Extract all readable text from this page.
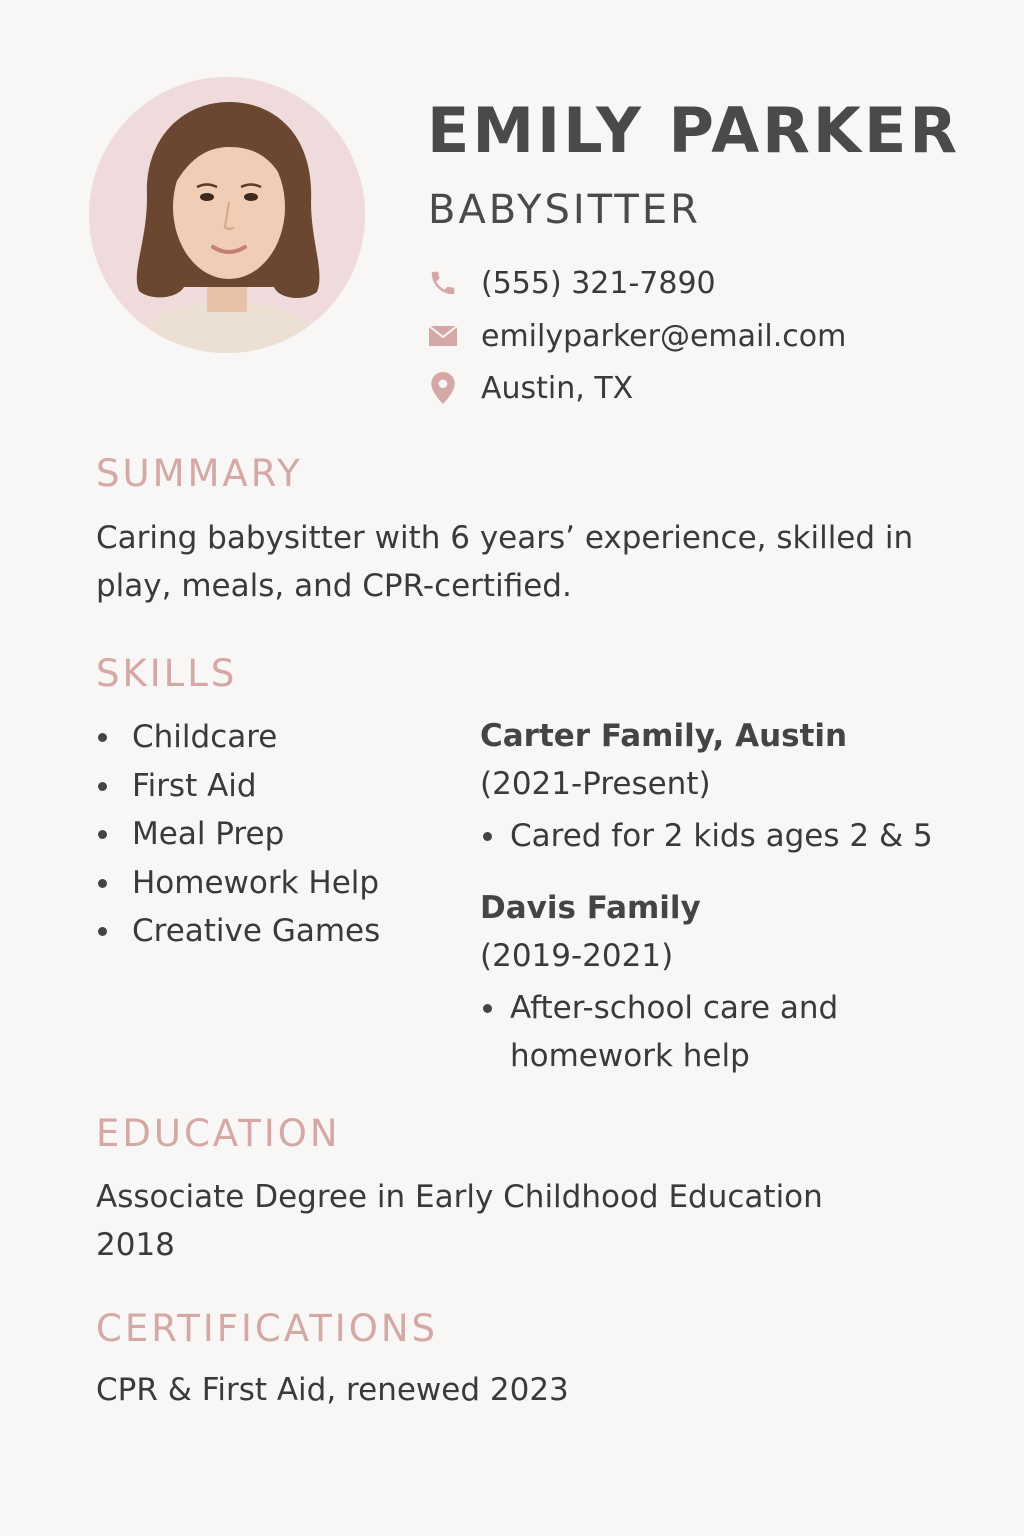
EMILY PARKER
BABYSITTER
(555) 321-7890
emilyparker@email.com
Austin, TX
SUMMARY
Caring babysitter with 6 years’ experience, skilled in
play, meals, and CPR-certified.
SKILLS
Childcare
First Aid
Meal Prep
Homework Help
Creative Games
Carter Family, Austin
(2021-Present)
Cared for 2 kids ages 2 & 5
Davis Family
(2019-2021)
After-school care and
homework help
EDUCATION
Associate Degree in Early Childhood Education
2018
CERTIFICATIONS
CPR & First Aid, renewed 2023
